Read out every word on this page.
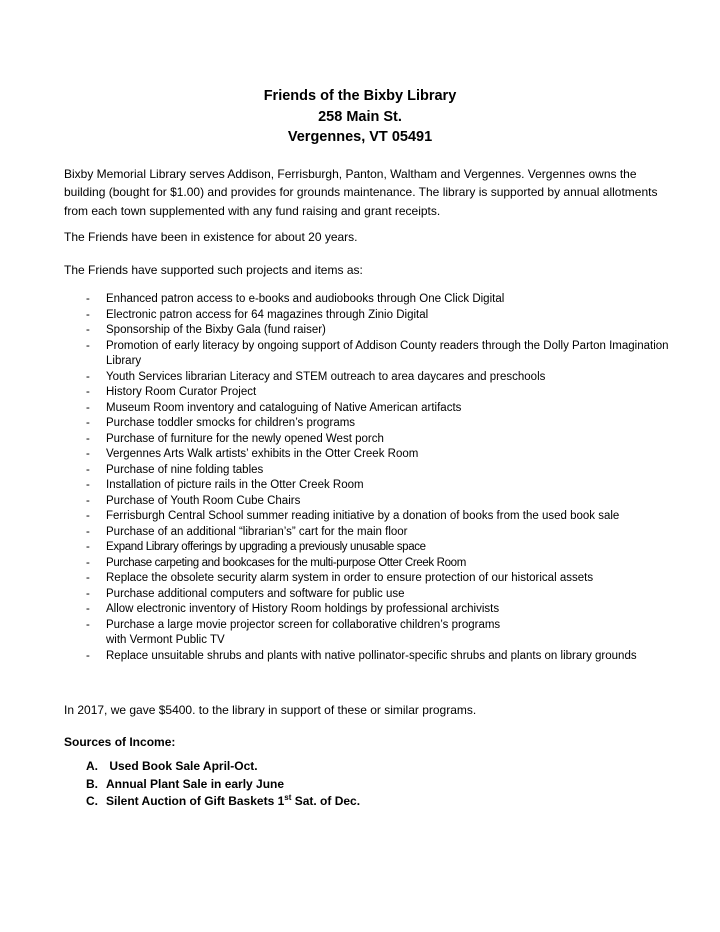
Friends of the Bixby Library
258 Main St.
Vergennes, VT 05491

Bixby Memorial Library serves Addison, Ferrisburgh, Panton, Waltham and Vergennes. Vergennes owns the building (bought for $1.00) and provides for grounds maintenance. The library is supported by annual allotments from each town supplemented with any fund raising and grant receipts.

The Friends have been in existence for about 20 years.

The Friends have supported such projects and items as:

- Enhanced patron access to e-books and audiobooks through One Click Digital
- Electronic patron access for 64 magazines through Zinio Digital
- Sponsorship of the Bixby Gala (fund raiser)
- Promotion of early literacy by ongoing support of Addison County readers through the Dolly Parton Imagination Library
- Youth Services librarian Literacy and STEM outreach to area daycares and preschools
- History Room Curator Project
- Museum Room inventory and cataloguing of Native American artifacts
- Purchase toddler smocks for children’s programs
- Purchase of furniture for the newly opened West porch
- Vergennes Arts Walk artists’ exhibits in the Otter Creek Room
- Purchase of nine folding tables
- Installation of picture rails in the Otter Creek Room
- Purchase of Youth Room Cube Chairs
- Ferrisburgh Central School summer reading initiative by a donation of books from the used book sale
- Purchase of an additional “librarian’s” cart for the main floor
- Expand Library offerings by upgrading a previously unusable space
- Purchase carpeting and bookcases for the multi-purpose Otter Creek Room
- Replace the obsolete security alarm system in order to ensure protection of our historical assets
- Purchase additional computers and software for public use
- Allow electronic inventory of History Room holdings by professional archivists
- Purchase a large movie projector screen for collaborative children’s programs with Vermont Public TV
- Replace unsuitable shrubs and plants with native pollinator-specific shrubs and plants on library grounds

In 2017, we gave $5400. to the library in support of these or similar programs.

Sources of Income:

A. Used Book Sale April-Oct.
B. Annual Plant Sale in early June
C. Silent Auction of Gift Baskets 1st Sat. of Dec.
